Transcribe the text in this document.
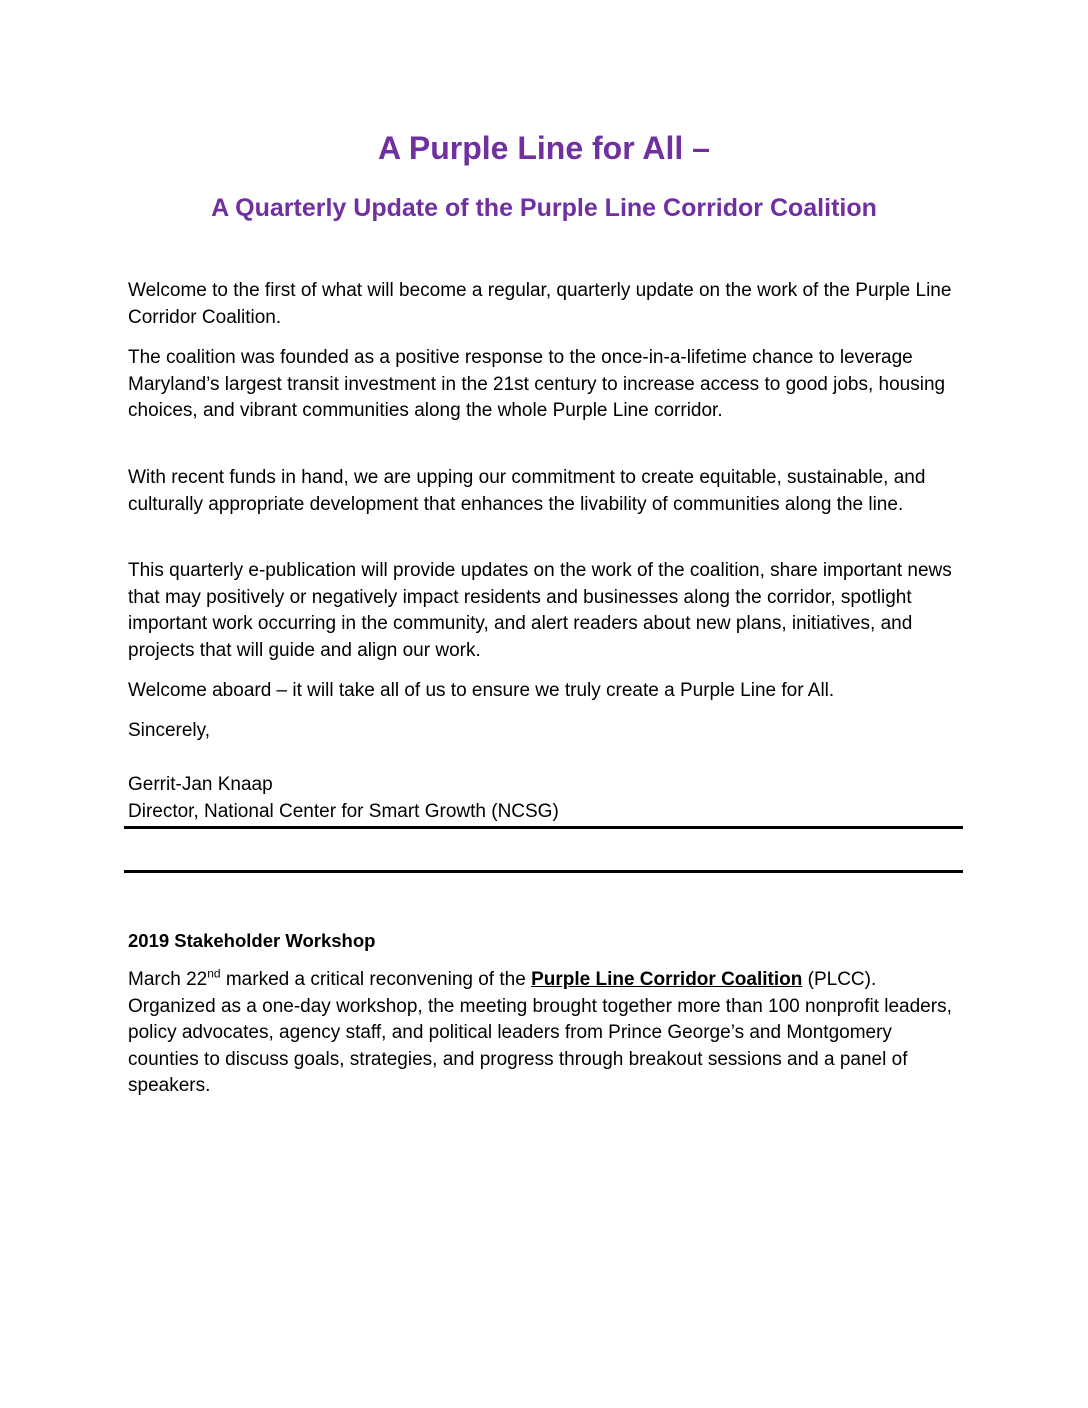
A Purple Line for All –
A Quarterly Update of the Purple Line Corridor Coalition

Welcome to the first of what will become a regular, quarterly update on the work of the Purple Line Corridor Coalition.

The coalition was founded as a positive response to the once-in-a-lifetime chance to leverage Maryland’s largest transit investment in the 21st century to increase access to good jobs, housing choices, and vibrant communities along the whole Purple Line corridor.

With recent funds in hand, we are upping our commitment to create equitable, sustainable, and culturally appropriate development that enhances the livability of communities along the line.

This quarterly e-publication will provide updates on the work of the coalition, share important news that may positively or negatively impact residents and businesses along the corridor, spotlight important work occurring in the community, and alert readers about new plans, initiatives, and projects that will guide and align our work.

Welcome aboard – it will take all of us to ensure we truly create a Purple Line for All.

Sincerely,

Gerrit-Jan Knaap

Director, National Center for Smart Growth (NCSG)

2019 Stakeholder Workshop

March 22nd marked a critical reconvening of the Purple Line Corridor Coalition (PLCC). Organized as a one-day workshop, the meeting brought together more than 100 nonprofit leaders, policy advocates, agency staff, and political leaders from Prince George’s and Montgomery counties to discuss goals, strategies, and progress through breakout sessions and a panel of speakers.
